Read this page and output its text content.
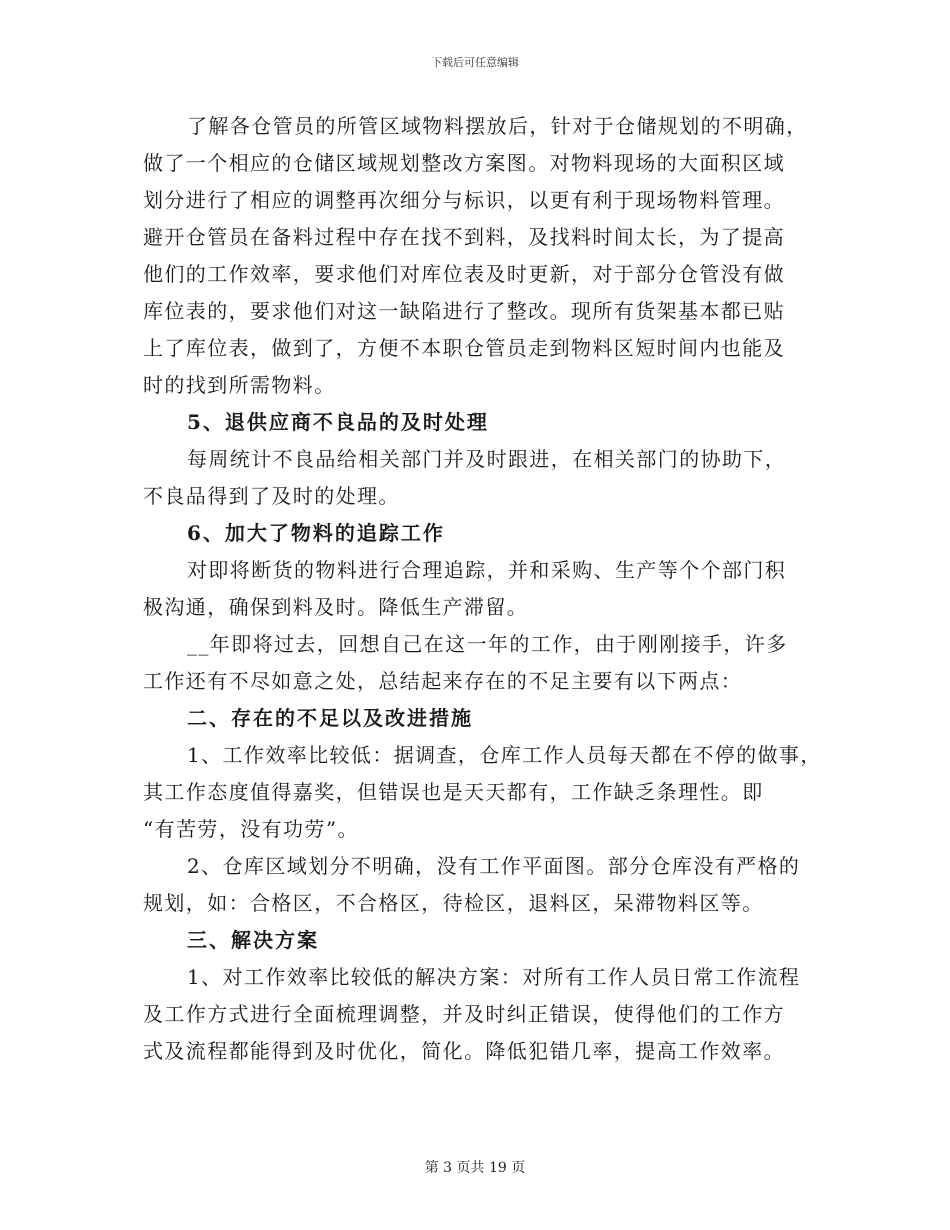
下载后可任意编辑
了解各仓管员的所管区域物料摆放后，针对于仓储规划的不明确，
做了一个相应的仓储区域规划整改方案图。对物料现场的大面积区域
划分进行了相应的调整再次细分与标识，以更有利于现场物料管理。
避开仓管员在备料过程中存在找不到料，及找料时间太长，为了提高
他们的工作效率，要求他们对库位表及时更新，对于部分仓管没有做
库位表的，要求他们对这一缺陷进行了整改。现所有货架基本都已贴
上了库位表，做到了，方便不本职仓管员走到物料区短时间内也能及
时的找到所需物料。
5、退供应商不良品的及时处理
每周统计不良品给相关部门并及时跟进，在相关部门的协助下，
不良品得到了及时的处理。
6、加大了物料的追踪工作
对即将断货的物料进行合理追踪，并和采购、生产等个个部门积
极沟通，确保到料及时。降低生产滞留。
__年即将过去，回想自己在这一年的工作，由于刚刚接手，许多
工作还有不尽如意之处，总结起来存在的不足主要有以下两点：
二、存在的不足以及改进措施
1、工作效率比较低：据调查，仓库工作人员每天都在不停的做事，
其工作态度值得嘉奖，但错误也是天天都有，工作缺乏条理性。即
“有苦劳，没有功劳”。
2、仓库区域划分不明确，没有工作平面图。部分仓库没有严格的
规划，如：合格区，不合格区，待检区，退料区，呆滞物料区等。
三、解决方案
1、对工作效率比较低的解决方案：对所有工作人员日常工作流程
及工作方式进行全面梳理调整，并及时纠正错误，使得他们的工作方
式及流程都能得到及时优化，简化。降低犯错几率，提高工作效率。
第 3 页共 19 页
